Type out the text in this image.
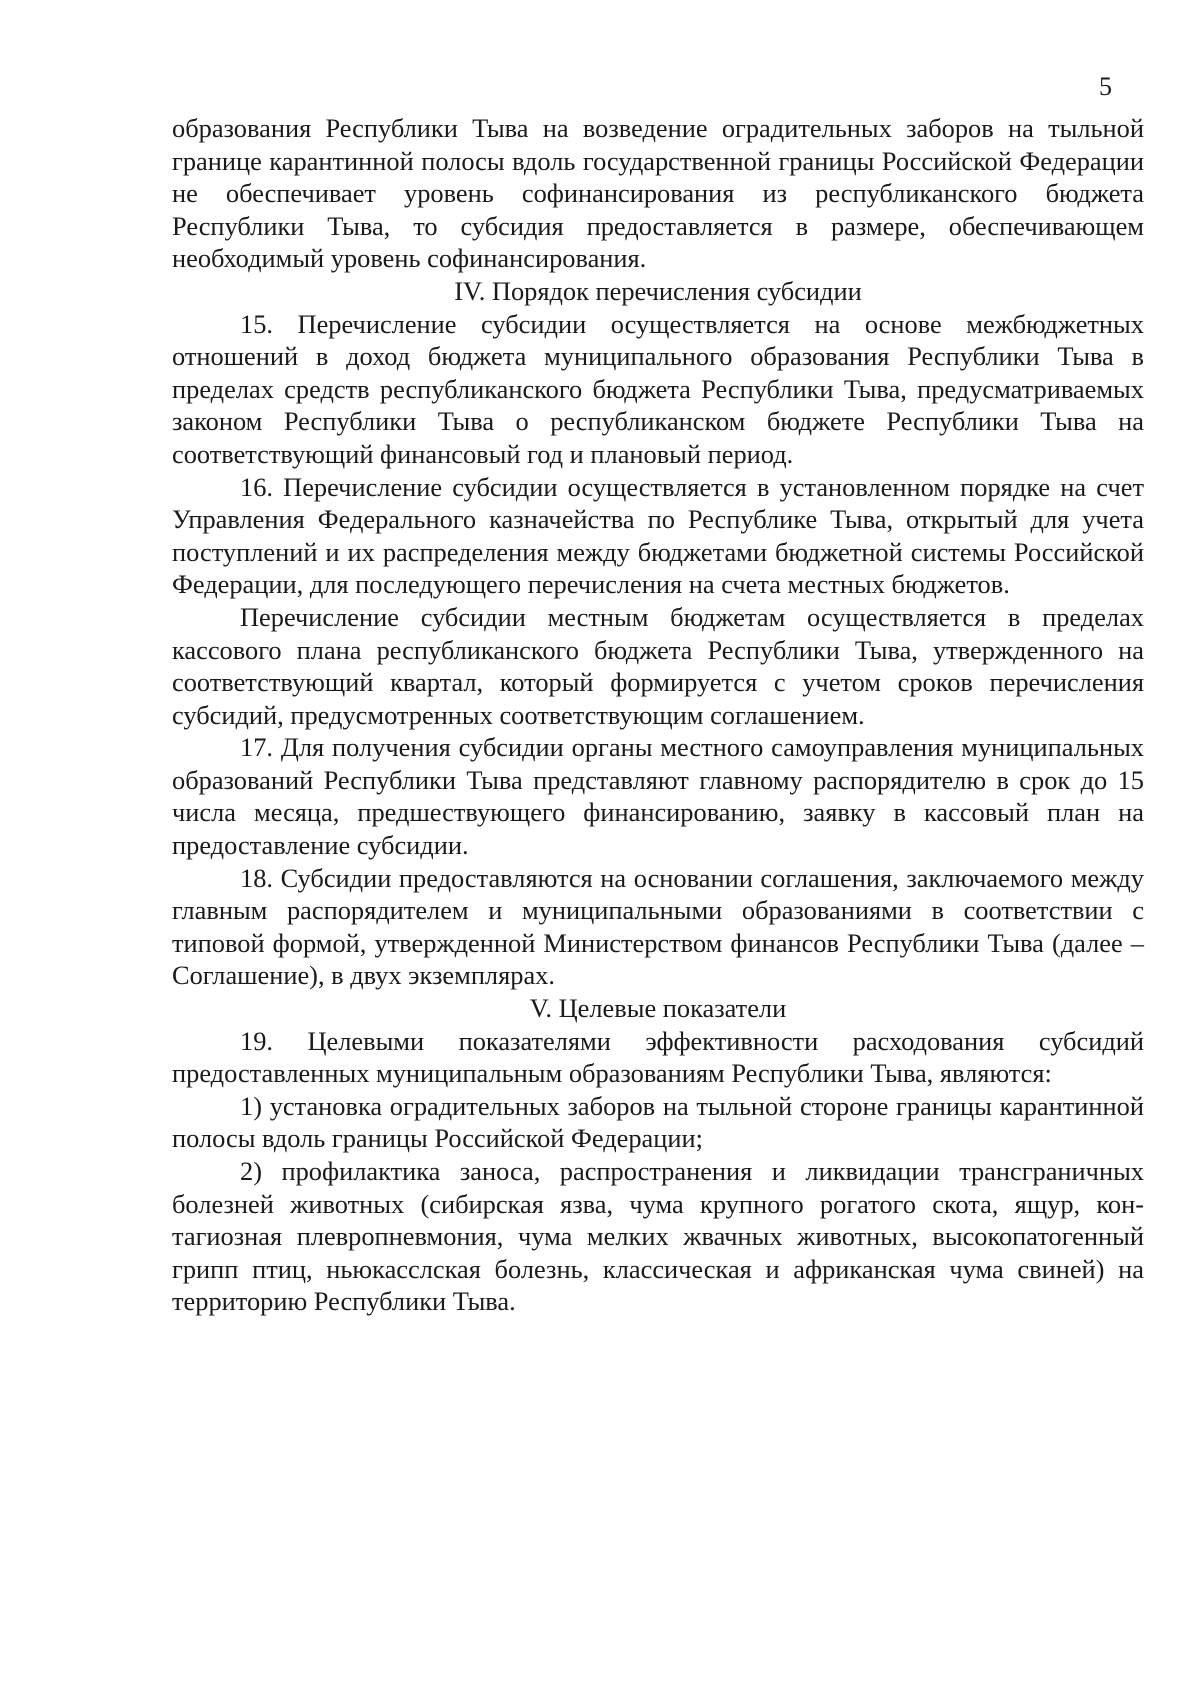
5

образования Республики Тыва на возведение оградительных заборов на тыльной границе карантинной полосы вдоль государственной границы Российской Федерации не обеспечивает уровень софинансирования из республиканского бюджета Республики Тыва, то субсидия предоставляется в размере, обеспечивающем необходимый уровень софинансирования.

IV. Порядок перечисления субсидии

15. Перечисление субсидии осуществляется на основе межбюджетных отношений в доход бюджета муниципального образования Республики Тыва в пределах средств республиканского бюджета Республики Тыва, предусматриваемых законом Республики Тыва о республиканском бюджете Республики Тыва на соответствующий финансовый год и плановый период.

16. Перечисление субсидии осуществляется в установленном порядке на счет Управления Федерального казначейства по Республике Тыва, открытый для учета поступлений и их распределения между бюджетами бюджетной системы Российской Федерации, для последующего перечисления на счета местных бюджетов.

Перечисление субсидии местным бюджетам осуществляется в пределах кассового плана республиканского бюджета Республики Тыва, утвержденного на соответствующий квартал, который формируется с учетом сроков перечисления субсидий, предусмотренных соответствующим соглашением.

17. Для получения субсидии органы местного самоуправления муниципальных образований Республики Тыва представляют главному распорядителю в срок до 15 числа месяца, предшествующего финансированию, заявку в кассовый план на предоставление субсидии.

18. Субсидии предоставляются на основании соглашения, заключаемого между главным распорядителем и муниципальными образованиями в соответствии с типовой формой, утвержденной Министерством финансов Республики Тыва (далее – Соглашение), в двух экземплярах.

V. Целевые показатели

19. Целевыми показателями эффективности расходования субсидий предоставленных муниципальным образованиям Республики Тыва, являются:

1) установка оградительных заборов на тыльной стороне границы карантинной полосы вдоль границы Российской Федерации;

2) профилактика заноса, распространения и ликвидации трансграничных болезней животных (сибирская язва, чума крупного рогатого скота, ящур, контагиозная плевропневмония, чума мелких жвачных животных, высокопатогенный грипп птиц, ньюкасслская болезнь, классическая и африканская чума свиней) на территорию Республики Тыва.
